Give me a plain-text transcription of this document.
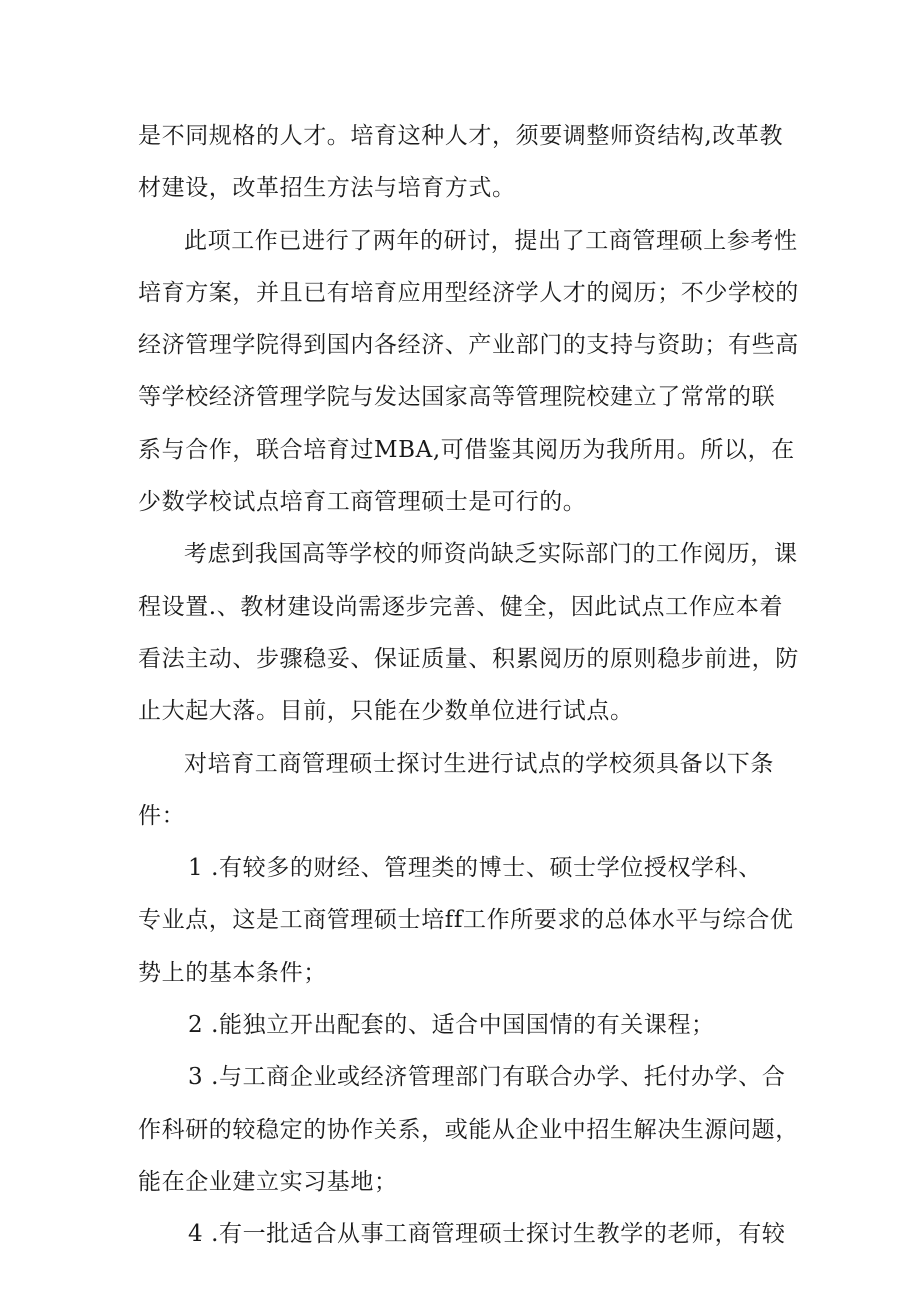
是不同规格的人才。培育这种人才，须要调整师资结构,改革教
材建设，改革招生方法与培育方式。
此项工作已进行了两年的研讨，提出了工商管理硕上参考性
培育方案，并且已有培育应用型经济学人才的阅历；不少学校的
经济管理学院得到国内各经济、产业部门的支持与资助；有些高
等学校经济管理学院与发达国家高等管理院校建立了常常的联
系与合作，联合培育过MBA,可借鉴其阅历为我所用。所以，在
少数学校试点培育工商管理硕士是可行的。
考虑到我国高等学校的师资尚缺乏实际部门的工作阅历，课
程设置.、教材建设尚需逐步完善、健全，因此试点工作应本着
看法主动、步骤稳妥、保证质量、积累阅历的原则稳步前进，防
止大起大落。目前，只能在少数单位进行试点。
对培育工商管理硕士探讨生进行试点的学校须具备以下条
件：
1 .有较多的财经、管理类的博士、硕士学位授权学科、
专业点，这是工商管理硕士培ff工作所要求的总体水平与综合优
势上的基本条件；
2 .能独立开出配套的、适合中国国情的有关课程；
3 .与工商企业或经济管理部门有联合办学、托付办学、合
作科研的较稳定的协作关系，或能从企业中招生解决生源问题，
能在企业建立实习基地；
4 .有一批适合从事工商管理硕士探讨生教学的老师，有较
